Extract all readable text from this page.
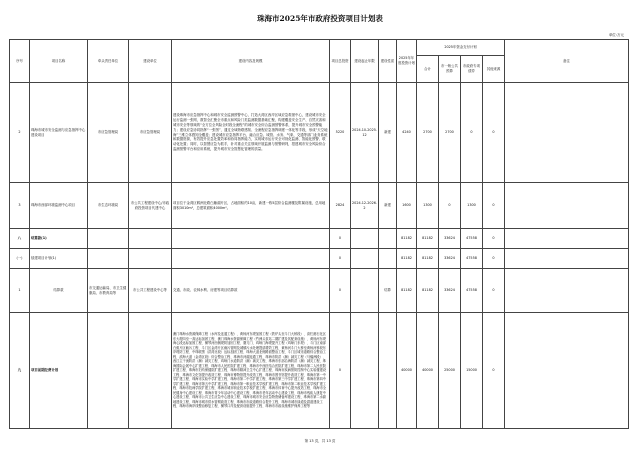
珠海市2025年市政府投资项目计划表
单位:万元
序号	项目名称	牵头责任单位	建设单位	建设内容及规模	项目总投资	建设起止年限	建设性质	2025年年度投资计划	2025年资金支付计划				备注
									合计	市一般公共预算	市政府专项债券	其他来源	
2	珠海市城市安全监测与应急指挥中心建设项目	市应急管理局	市应急管理局	建设珠海市应急指挥中心和城市安全监测预警中心，打造大湾区西岸区域应急救援中心，建设城市安全运行监测一张网，数智全汇聚全市重点和风险门类监测数据基础汇聚，构建覆盖安全生产、自然灾害和城市安全等领域的“全方位全风险全时段全流程”的城市安全综合监测预警体系，提升城市安全预警能力；建设应急协同指挥“一张图”，通过全域物联感知、全流程应急指挥调度一体化等手段，形成“天空地海”三维立体感知全覆盖；建设城市应急指挥平台，融合应急、城管、水务、气象、交通等部门业务系统和数据资源，有效提升应急处置效率和协同指挥能力，实现城市运行安全可视化监测、智能化预警、联动化处置；同时，以智慧应急为抓手，针对重点关注领域开展监测与预警研判，搭建城市安全风险综合监测预警平台和应用系统，提升城市安全智慧化管理的质量。	5220	2024.10-2025.12	新建	4240	2700	2700	0	0	
3	珠海市西部环境监测中心项目	市生态环境局	市公共工程建设中心/市政府投资项目代建中心	项目位于金湾区鹤洲北路白藤湖片区，占地面积约10亩，新建一栋5层综合监测楼及附属设施，总用地面积3010m²，总建筑面积4000m²。	2824	2024.12-2026.2	新建	1600	1300	0	1300	0	
八	结算款(1)				0			81182	81182	33624	47558	0	
(一)	续建项目计划(1)				0			81182	81182	33624	47558	0	
1	结算款	市交通运输局、市卫生健康局、市教育局等	市公共工程建设中心等	交通、市政、农林水利、房建等项目结算款	0		结算	81182	81182	33624	47558	0	
九	项目前期经费计划			澳门珠海水资源保障工程（水库及连通工程）、黄杨河东堤加固工程（铁炉头至斗门大桥段）、高栏港石化区东大堤四至一高达标加固工程、澳门珠海水资源保障工程（竹洲头泵站二期扩建及其配套设施）、黄杨河东堤海心段达标加固工程、横琴河西侧堤防加固工程、磨刀门、鸡啼门海堤提升工程（鸡啼门东堤）、斗门区南部白蕉片区截污工程、斗门区金湾片区截污管网及城镇污水处理提质增效工程、黄杨河斗门大桥至黄杨河桥段东岸堤防工程、中珠联围（洪湾北段）达标加固工程、珠海大道北侧路面整治工程、斗门区城市道路综合整治工程、滨海大道（金湾区段）综合整治工程、珠海市河湖连通工程、珠海市防洪（潮）减灾工程（马骝洲段）、西江主干流防洪（潮）减灾工程、鸡啼门水道防洪（潮）减灾工程、珠海市东部沿海防洪（潮）减灾工程、珠海国际会展中心扩建工程、珠海市人民医院扩建工程、珠海市中西医结合医院扩建工程、珠海市第二人民医院扩建工程、珠海市妇幼保健院扩建工程、珠海市精神卫生中心扩建工程、珠海市疾病预防控制中心实验楼建设工程、珠海市文化馆提升改造工程、珠海市博物馆提升改造工程、珠海市图书馆提升改造工程、珠海市第一中学扩建工程、珠海市实验中学扩建工程、珠海市第二中学扩建工程、珠海市第三中学扩建工程、珠海市第四中学扩建工程、珠海市第五中学扩建工程、珠海市第一职业技术学校扩建工程、珠海市第二职业技术学校扩建工程、珠海市技师学院扩建工程、珠海市城市职业技术学校扩建工程、珠海市体育中心提升改造工程、珠海市全民健身中心建设工程、珠海市青少年活动中心建设工程、珠海市老年活动中心建设工程、珠海市残疾人康复中心建设工程、珠海市公共卫生应急中心建设工程、珠海市城市安全应急物资储备库建设工程、珠海市第二水源地建设工程、珠海市城市供水管网改造工程、珠海市市政道路综合提升工程、珠海市城市绿道及碧道建设工程、珠海市海岸线整治修复工程、横琴口岸及配套设施提升工程、珠海市市政设施维护保养工程等	0			40000	40000	25000	15000	0	
第 13 页，共 13 页
